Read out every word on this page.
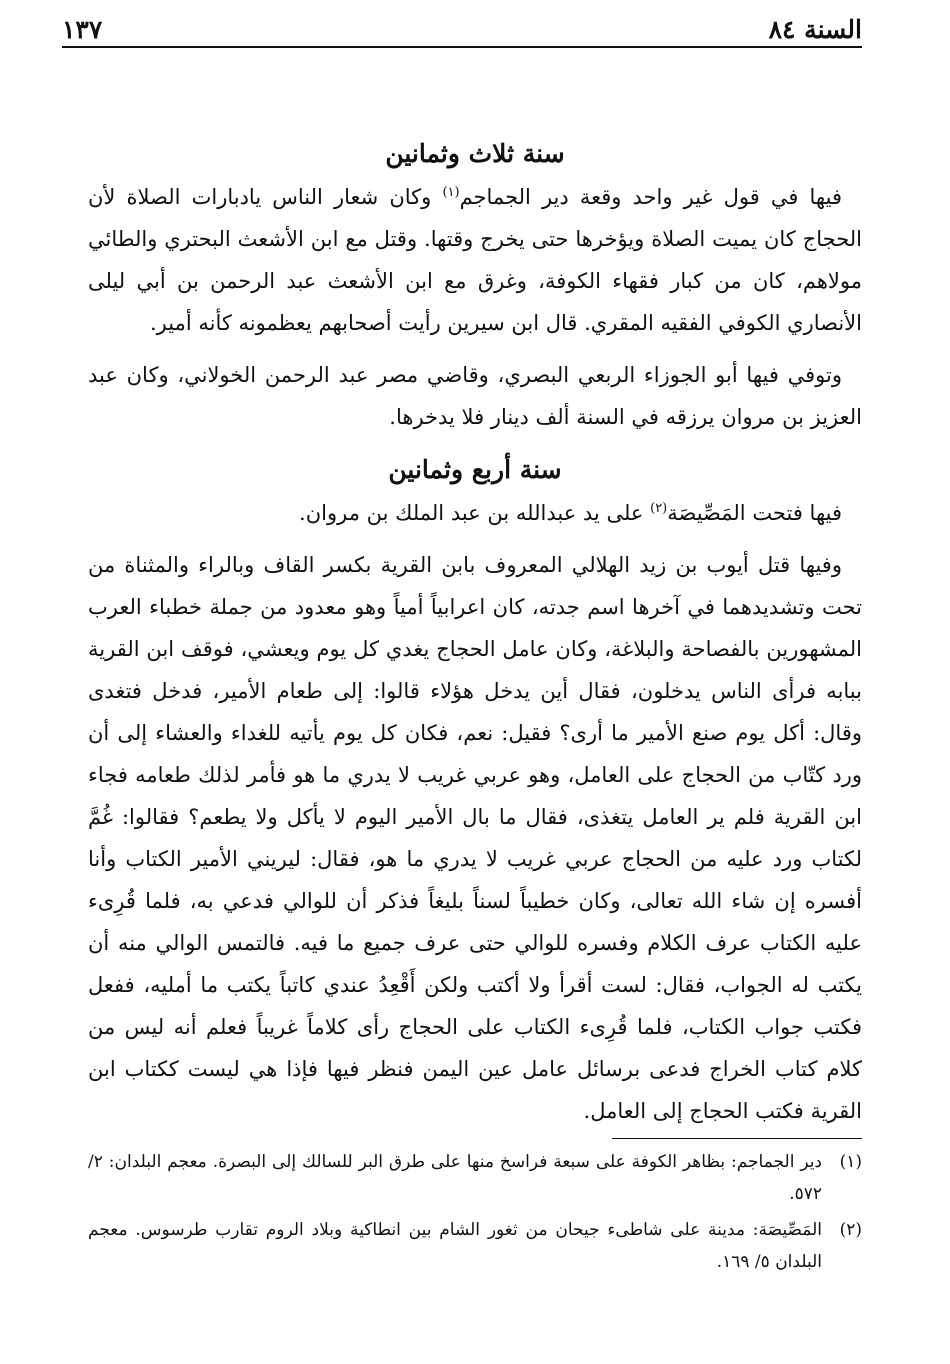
السنة ٨٤
١٣٧
سنة ثلاث وثمانين

فيها في قول غير واحد وقعة دير الجماجم$^{(١)}$ وكان شعار الناس يادبارات الصلاة لأن الحجاج كان يميت الصلاة ويؤخرها حتى يخرج وقتها. وقتل مع ابن الأشعث البحتري والطائي مولاهم، كان من كبار فقهاء الكوفة، وغرق مع ابن الأشعث عبد الرحمن بن أبي ليلى الأنصاري الكوفي الفقيه المقري. قال ابن سيرين رأيت أصحابهم يعظمونه كأنه أمير.

وتوفي فيها أبو الجوزاء الربعي البصري، وقاضي مصر عبد الرحمن الخولاني، وكان عبد العزيز بن مروان يرزقه في السنة ألف دينار فلا يدخرها.

سنة أربع وثمانين

فيها فتحت المَصِّيصَة$^{(٢)}$ على يد عبدالله بن عبد الملك بن مروان.

وفيها قتل أيوب بن زيد الهلالي المعروف بابن القرية بكسر القاف وبالراء والمثناة من تحت وتشديدهما في آخرها اسم جدته، كان اعرابياً أمياً وهو معدود من جملة خطباء العرب المشهورين بالفصاحة والبلاغة، وكان عامل الحجاج يغدي كل يوم ويعشي، فوقف ابن القرية ببابه فرأى الناس يدخلون، فقال أين يدخل هؤلاء قالوا: إلى طعام الأمير، فدخل فتغدى وقال: أكل يوم صنع الأمير ما أرى؟ فقيل: نعم، فكان كل يوم يأتيه للغداء والعشاء إلى أن ورد كتّاب من الحجاج على العامل، وهو عربي غريب لا يدري ما هو فأمر لذلك طعامه فجاء ابن القرية فلم ير العامل يتغذى، فقال ما بال الأمير اليوم لا يأكل ولا يطعم؟ فقالوا: غُمَّ لكتاب ورد عليه من الحجاج عربي غريب لا يدري ما هو، فقال: ليريني الأمير الكتاب وأنا أفسره إن شاء الله تعالى، وكان خطيباً لسناً بليغاً فذكر أن للوالي فدعي به، فلما قُرِىء عليه الكتاب عرف الكلام وفسره للوالي حتى عرف جميع ما فيه. فالتمس الوالي منه أن يكتب له الجواب، فقال: لست أقرأ ولا أكتب ولكن أَقْعِدُ عندي كاتباً يكتب ما أمليه، ففعل فكتب جواب الكتاب، فلما قُرِىء الكتاب على الحجاج رأى كلاماً غريباً فعلم أنه ليس من كلام كتاب الخراج فدعى برسائل عامل عين اليمن فنظر فيها فإذا هي ليست ككتاب ابن القرية فكتب الحجاج إلى العامل.

(١)
دير الجماجم: بظاهر الكوفة على سبعة فراسخ منها على طرق البر للسالك إلى البصرة. معجم البلدان: ٢/ ٥٧٢.
(٢)
المَصِّيصَة: مدينة على شاطىء جيحان من ثغور الشام بين انطاكية وبلاد الروم تقارب طرسوس. معجم البلدان ٥/ ١٦٩.
